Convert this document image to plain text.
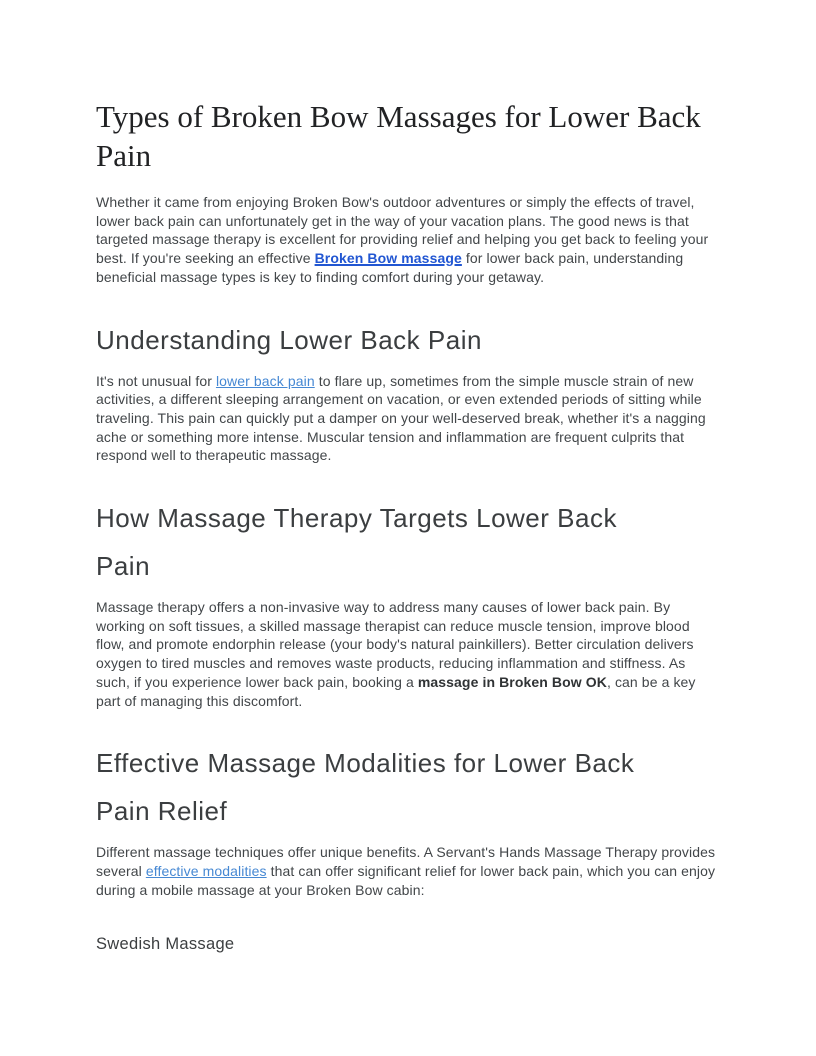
Types of Broken Bow Massages for Lower Back Pain

Whether it came from enjoying Broken Bow's outdoor adventures or simply the effects of travel, lower back pain can unfortunately get in the way of your vacation plans. The good news is that targeted massage therapy is excellent for providing relief and helping you get back to feeling your best. If you're seeking an effective Broken Bow massage for lower back pain, understanding beneficial massage types is key to finding comfort during your getaway.

Understanding Lower Back Pain

It's not unusual for lower back pain to flare up, sometimes from the simple muscle strain of new activities, a different sleeping arrangement on vacation, or even extended periods of sitting while traveling. This pain can quickly put a damper on your well-deserved break, whether it's a nagging ache or something more intense. Muscular tension and inflammation are frequent culprits that respond well to therapeutic massage.

How Massage Therapy Targets Lower Back Pain

Massage therapy offers a non-invasive way to address many causes of lower back pain. By working on soft tissues, a skilled massage therapist can reduce muscle tension, improve blood flow, and promote endorphin release (your body's natural painkillers). Better circulation delivers oxygen to tired muscles and removes waste products, reducing inflammation and stiffness. As such, if you experience lower back pain, booking a massage in Broken Bow OK, can be a key part of managing this discomfort.

Effective Massage Modalities for Lower Back Pain Relief

Different massage techniques offer unique benefits. A Servant's Hands Massage Therapy provides several effective modalities that can offer significant relief for lower back pain, which you can enjoy during a mobile massage at your Broken Bow cabin:

Swedish Massage
